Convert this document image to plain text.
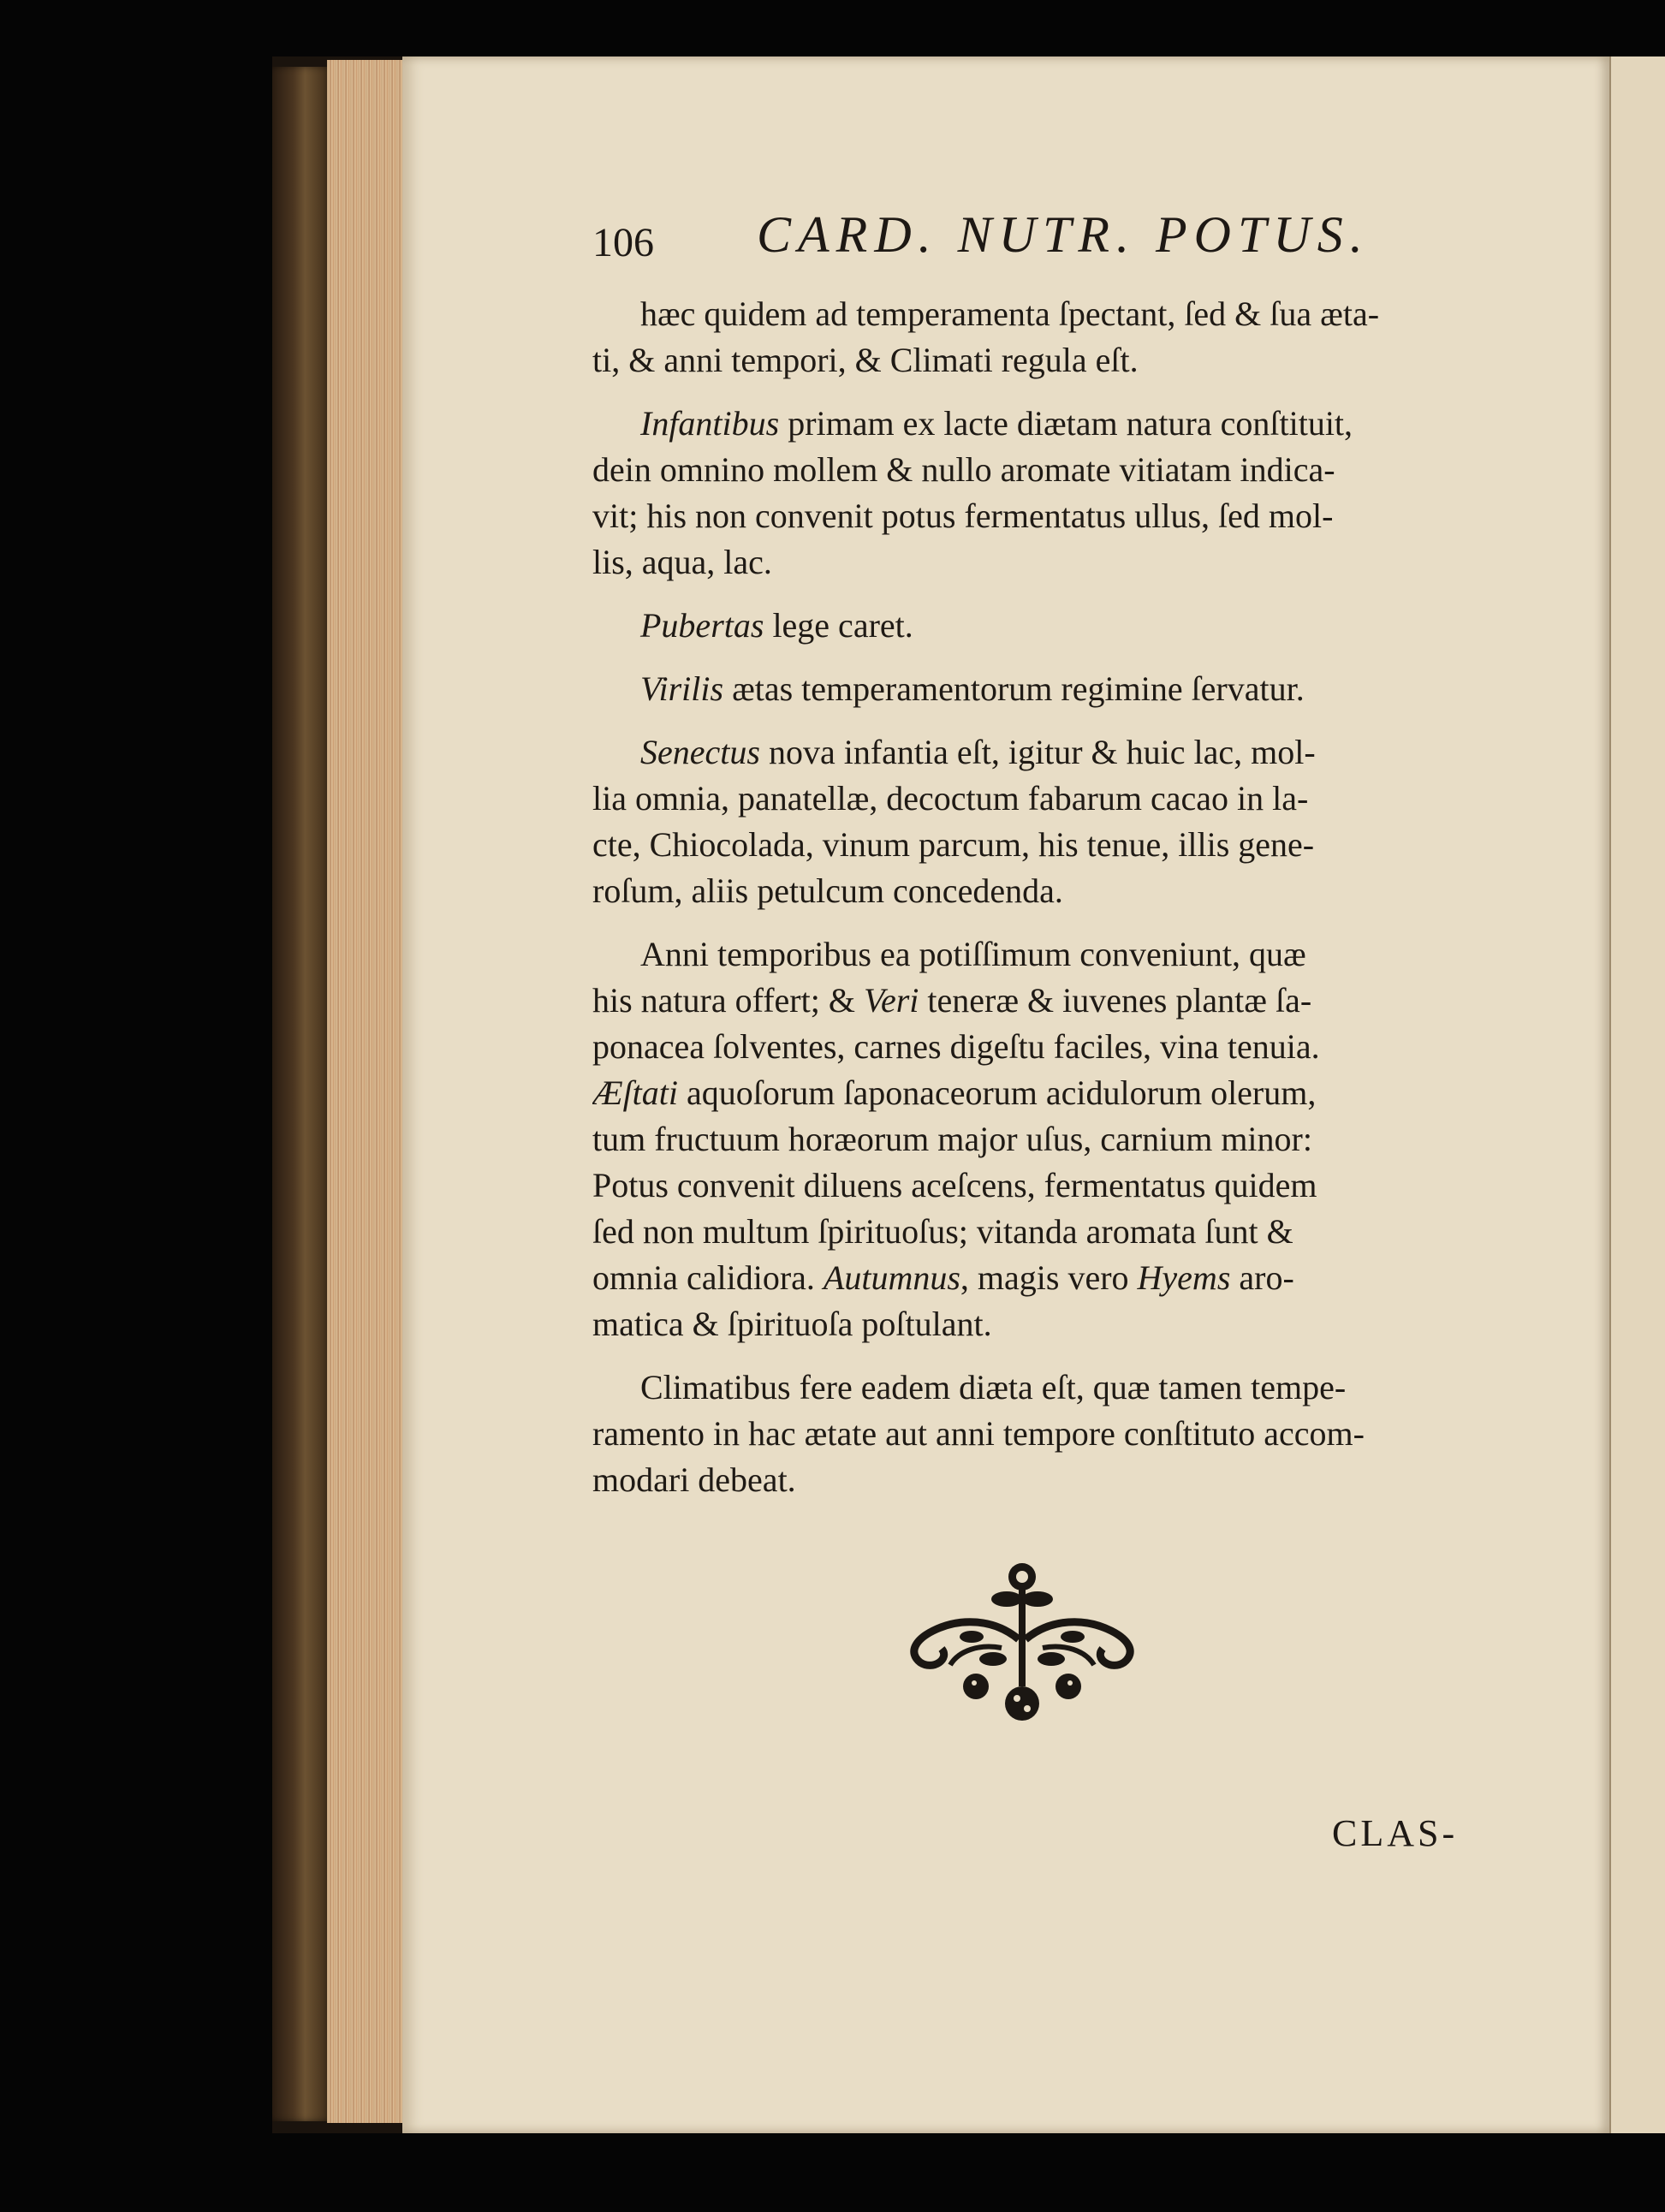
106 CARD. NUTR. POTUS.
hæc quidem ad temperamenta ſpectant, ſed & ſua æta-
ti, & anni tempori, & Climati regula eſt.
Infantibus primam ex lacte diætam natura conſtituit,
dein omnino mollem & nullo aromate vitiatam indica-
vit; his non convenit potus fermentatus ullus, ſed mol-
lis, aqua, lac.
Pubertas lege caret.
Virilis ætas temperamentorum regimine ſervatur.
Senectus nova infantia eſt, igitur & huic lac, mol-
lia omnia, panatellæ, decoctum fabarum cacao in la-
cte, Chiocolada, vinum parcum, his tenue, illis gene-
roſum, aliis petulcum concedenda.
Anni temporibus ea potiſſimum conveniunt, quæ
his natura offert; & Veri teneræ & iuvenes plantæ ſa-
ponacea ſolventes, carnes digeſtu faciles, vina tenuia.
Æſtati aquoſorum ſaponaceorum acidulorum olerum,
tum fructuum horæorum major uſus, carnium minor:
Potus convenit diluens aceſcens, fermentatus quidem
ſed non multum ſpirituoſus; vitanda aromata ſunt &
omnia calidiora. Autumnus, magis vero Hyems aro-
matica & ſpirituoſa poſtulant.
Climatibus fere eadem diæta eſt, quæ tamen tempe-
ramento in hac ætate aut anni tempore conſtituto accom-
modari debeat.
CLAS-
